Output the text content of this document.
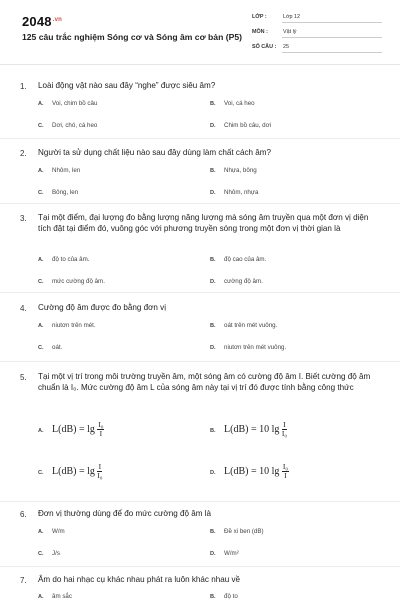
$2048^{.vn}$
125 câu trắc nghiệm Sóng cơ và Sóng âm cơ bản (P5)
LỚP :	Lớp 12
MÔN :	Vật lý
SỐ CÂU : 25
1. Loài động vật nào sau đây “nghe” được siêu âm?
A. Voi, chim bồ câu	B. Voi, cá heo
C. Dơi, chó, cá heo	D. Chim bồ câu, dơi
2. Người ta sử dụng chất liệu nào sau đây dùng làm chất cách âm?
A. Nhôm, len	B. Nhựa, bông
C. Bông, len	D. Nhôm, nhựa
3. Tại một điểm, đại lượng đo bằng lượng năng lượng mà sóng âm truyền qua một đơn vị diện tích đặt tại điểm đó, vuông góc với phương truyền sóng trong một đơn vị thời gian là
A. độ to của âm.	B. độ cao của âm.
C. mức cường độ âm.	D. cường độ âm.
4. Cường độ âm được đo bằng đơn vị
A. niutơn trên mét.	B. oát trên mét vuông.
C. oát.	D. niutơn trên mét vuông.
5. Tại một vị trí trong môi trường truyền âm, một sóng âm có cường độ âm I. Biết cường độ âm chuẩn là I₀. Mức cường độ âm L của sóng âm này tại vị trí đó được tính bằng công thức
A. $L(dB) = \lg \frac{\text{I₀}}{I}$	B. L(dB) = 10 $\lg \frac{I}{\text{I₀}}$
C. $L(dB) = \lg \frac{I}{\text{I₀}}$	D. L(dB) = 10 $\lg \frac{\text{I₀}}{I}$
6. Đơn vị thường dùng để đo mức cường độ âm là
A. W/m	B. Đề xi ben (dB)
C. J/s	D. W/m²
7. Âm do hai nhạc cụ khác nhau phát ra luôn khác nhau về
A. âm sắc	B. độ to
